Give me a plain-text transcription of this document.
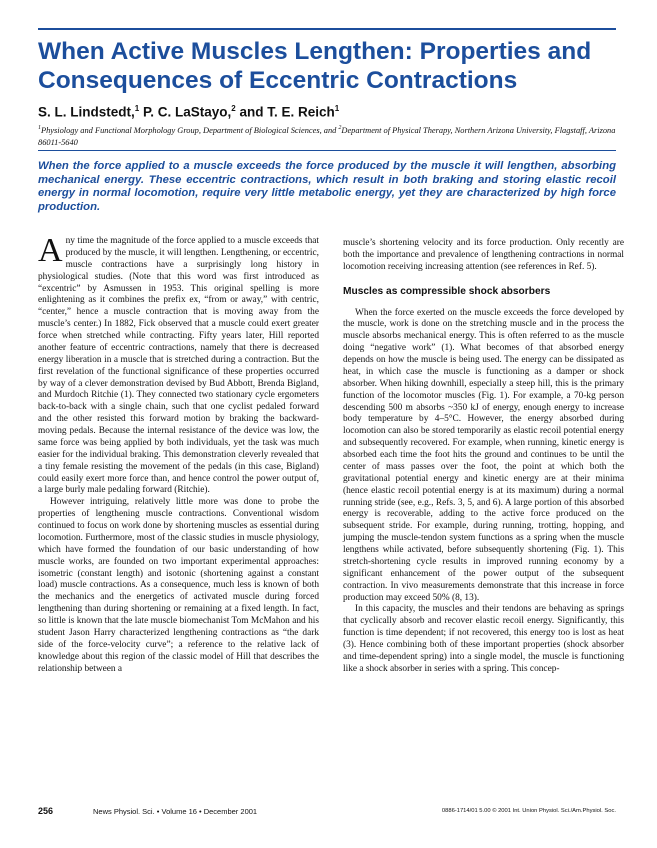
When Active Muscles Lengthen: Properties and Consequences of Eccentric Contractions
S. L. Lindstedt,$^1$ P. C. LaStayo,$^2$ and T. E. Reich$^1$
$^1$Physiology and Functional Morphology Group, Department of Biological Sciences, and $^2$Department of Physical Therapy, Northern Arizona University, Flagstaff, Arizona 86011-5640
When the force applied to a muscle exceeds the force produced by the muscle it will lengthen, absorbing mechanical energy. These eccentric contractions, which result in both braking and storing elastic recoil energy in normal locomotion, require very little metabolic energy, yet they are characterized by high force production.

Any time the magnitude of the force applied to a muscle exceeds that produced by the muscle, it will lengthen. Lengthening, or eccentric, muscle contractions have a surprisingly long history in physiological studies. (Note that this word was first introduced as “excentric” by Asmussen in 1953. This original spelling is more enlightening as it combines the prefix ex, “from or away,” with centric, “center,” hence a muscle contraction that is moving away from the muscle’s center.) In 1882, Fick observed that a muscle could exert greater force when stretched while contracting. Fifty years later, Hill reported another feature of eccentric contractions, namely that there is decreased energy liberation in a muscle that is stretched during a contraction. But the first revelation of the functional significance of these properties occurred by way of a clever demonstration devised by Bud Abbott, Brenda Bigland, and Murdoch Ritchie (1). They connected two stationary cycle ergometers back-to-back with a single chain, such that one cyclist pedaled forward and the other resisted this forward motion by braking the backward-moving pedals. Because the internal resistance of the device was low, the same force was being applied by both individuals, yet the task was much easier for the individual braking. This demonstration cleverly revealed that a tiny female resisting the movement of the pedals (in this case, Bigland) could easily exert more force than, and hence control the power output of, a large burly male pedaling forward (Ritchie).

However intriguing, relatively little more was done to probe the properties of lengthening muscle contractions. Conventional wisdom continued to focus on work done by shortening muscles as essential during locomotion. Furthermore, most of the classic studies in muscle physiology, which have formed the foundation of our basic understanding of how muscle works, are founded on two important experimental approaches: isometric (constant length) and isotonic (shortening against a constant load) muscle contractions. As a consequence, much less is known of both the mechanics and the energetics of activated muscle during forced lengthening than during shortening or remaining at a fixed length. In fact, so little is known that the late muscle biomechanist Tom McMahon and his student Jason Harry characterized lengthening contractions as “the dark side of the force-velocity curve”; a reference to the relative lack of knowledge about this region of the classic model of Hill that describes the relationship between a

muscle’s shortening velocity and its force production. Only recently are both the importance and prevalence of lengthening contractions in normal locomotion receiving increasing attention (see references in Ref. 5).

Muscles as compressible shock absorbers

When the force exerted on the muscle exceeds the force developed by the muscle, work is done on the stretching muscle and in the process the muscle absorbs mechanical energy. This is often referred to as the muscle doing “negative work” (1). What becomes of that absorbed energy depends on how the muscle is being used. The energy can be dissipated as heat, in which case the muscle is functioning as a damper or shock absorber. When hiking downhill, especially a steep hill, this is the primary function of the locomotor muscles (Fig. 1). For example, a 70-kg person descending 500 m absorbs ~350 kJ of energy, enough energy to increase body temperature by 4–5°C. However, the energy absorbed during locomotion can also be stored temporarily as elastic recoil potential energy and subsequently recovered. For example, when running, kinetic energy is absorbed each time the foot hits the ground and continues to be until the center of mass passes over the foot, the point at which both the gravitational potential energy and kinetic energy are at their minima (hence elastic recoil potential energy is at its maximum) during a normal running stride (see, e.g., Refs. 3, 5, and 6). A large portion of this absorbed energy is recoverable, adding to the active force produced on the subsequent stride. For example, during running, trotting, hopping, and jumping the muscle-tendon system functions as a spring when the muscle lengthens while activated, before subsequently shortening (Fig. 1). This stretch-shortening cycle results in improved running economy by a significant enhancement of the power output of the subsequent contraction. In vivo measurements demonstrate that this increase in force production may exceed 50% (8, 13).

In this capacity, the muscles and their tendons are behaving as springs that cyclically absorb and recover elastic recoil energy. Significantly, this function is time dependent; if not recovered, this energy too is lost as heat (3). Hence combining both of these important properties (shock absorber and time-dependent spring) into a single model, the muscle is functioning like a shock absorber in series with a spring. This concep-

256	News Physiol. Sci. • Volume 16 • December 2001	0886-1714/01 5.00 © 2001 Int. Union Physiol. Sci./Am.Physiol. Soc.
